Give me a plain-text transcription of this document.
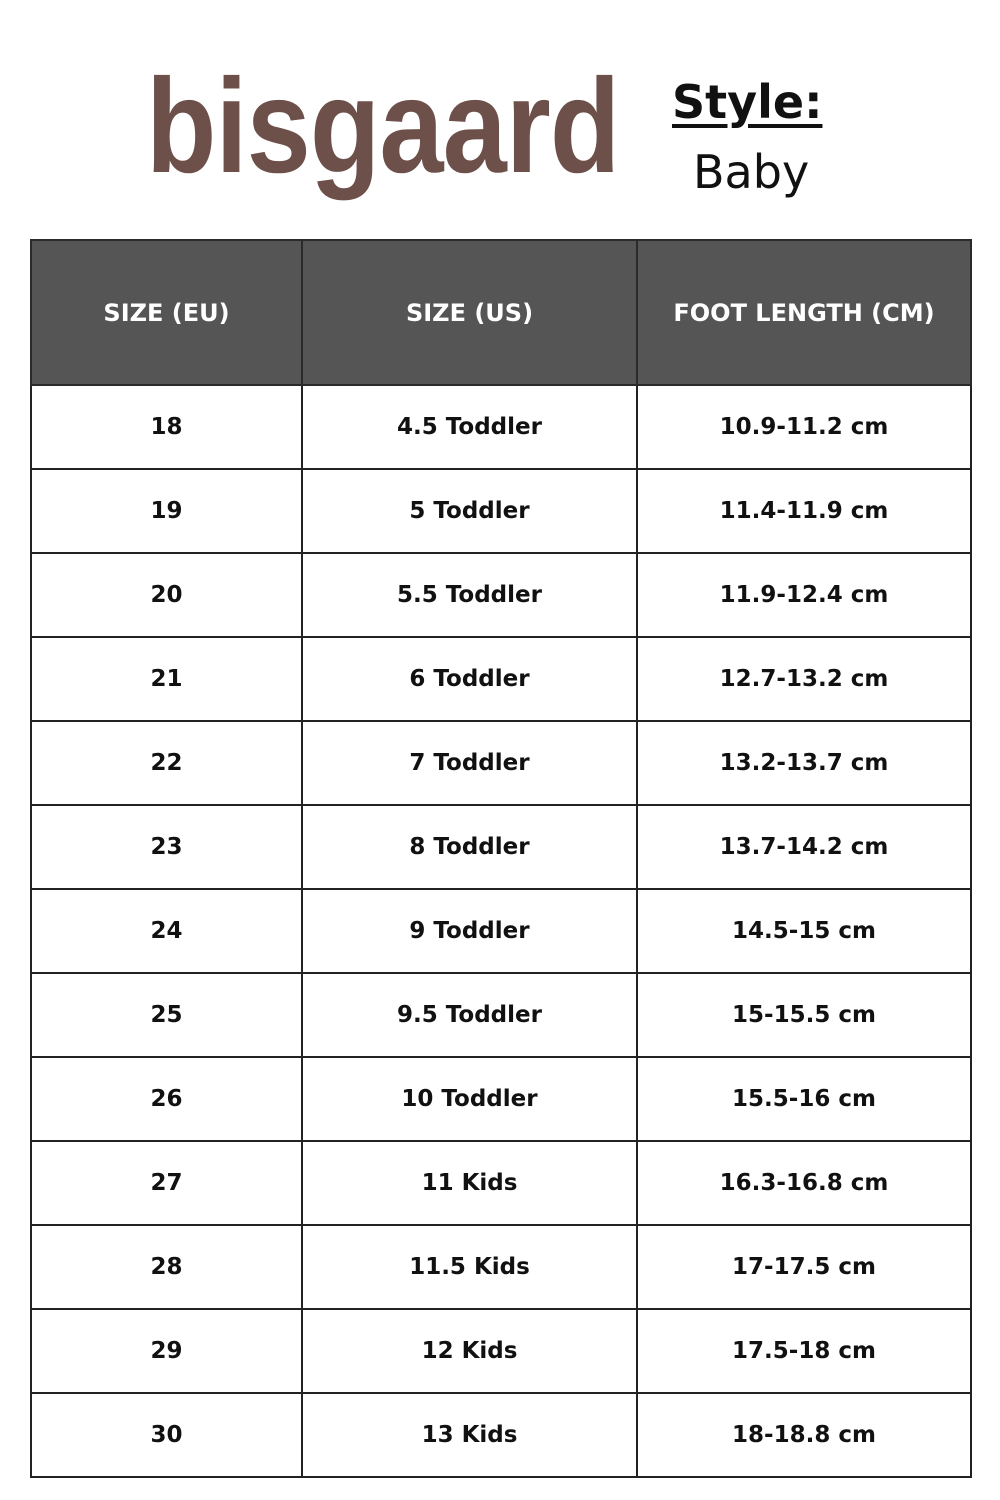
bisgaard Style:
Baby
SIZE (EU)	SIZE (US)	FOOT LENGTH (CM)
18	4.5 Toddler	10.9-11.2 cm
19	5 Toddler	11.4-11.9 cm
20	5.5 Toddler	11.9-12.4 cm
21	6 Toddler	12.7-13.2 cm
22	7 Toddler	13.2-13.7 cm
23	8 Toddler	13.7-14.2 cm
24	9 Toddler	14.5-15 cm
25	9.5 Toddler	15-15.5 cm
26	10 Toddler	15.5-16 cm
27	11 Kids	16.3-16.8 cm
28	11.5 Kids	17-17.5 cm
29	12 Kids	17.5-18 cm
30	13 Kids	18-18.8 cm
